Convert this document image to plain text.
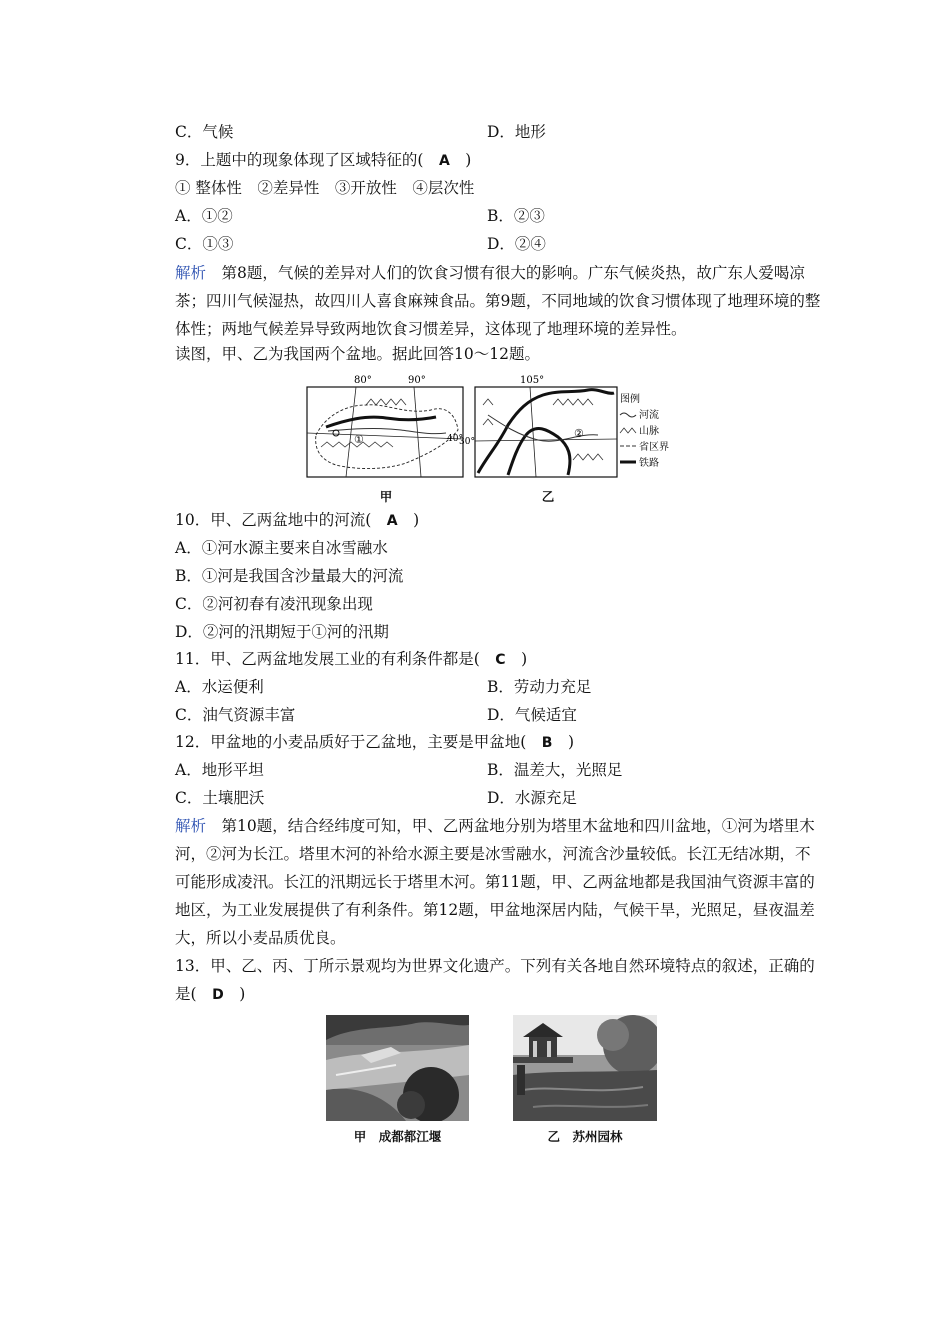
C．气候	D．地形
9．上题中的现象体现了区域特征的(　 A　 )
① 整体性　②差异性　③开放性　④层次性
A．①②	B．②③
C．①③	D．②④
解析　 第8题，气候的差异对人们的饮食习惯有很大的影响。广东气候炎热，故广东人爱喝凉茶；四川气候湿热，故四川人喜食麻辣食品。第9题，不同地域的饮食习惯体现了地理环境的整体性；两地气候差异导致两地饮食习惯差异，这体现了地理环境的差异性。
读图，甲、乙为我国两个盆地。据此回答10～12题。
80°	90°
40°
①
甲
105°
30°
②
图例
河流
山脉
省区界
铁路
乙
10．甲、乙两盆地中的河流(　 A　 )
A．①河水源主要来自冰雪融水
B．①河是我国含沙量最大的河流
C．②河初春有凌汛现象出现
D．②河的汛期短于①河的汛期
11．甲、乙两盆地发展工业的有利条件都是(　 C　 )
A．水运便利	B．劳动力充足
C．油气资源丰富	D．气候适宜
12．甲盆地的小麦品质好于乙盆地，主要是甲盆地(　 B　 )
A．地形平坦	B．温差大，光照足
C．土壤肥沃	D．水源充足
解析　 第10题，结合经纬度可知，甲、乙两盆地分别为塔里木盆地和四川盆地，①河为塔里木河，②河为长江。塔里木河的补给水源主要是冰雪融水，河流含沙量较低。长江无结冰期，不可能形成凌汛。长江的汛期远长于塔里木河。第11题，甲、乙两盆地都是我国油气资源丰富的地区，为工业发展提供了有利条件。第12题，甲盆地深居内陆，气候干旱，光照足，昼夜温差大，所以小麦品质优良。
13．甲、乙、丙、丁所示景观均为世界文化遗产。下列有关各地自然环境特点的叙述，正确的是(　 D　 )
甲　成都都江堰	乙　苏州园林
